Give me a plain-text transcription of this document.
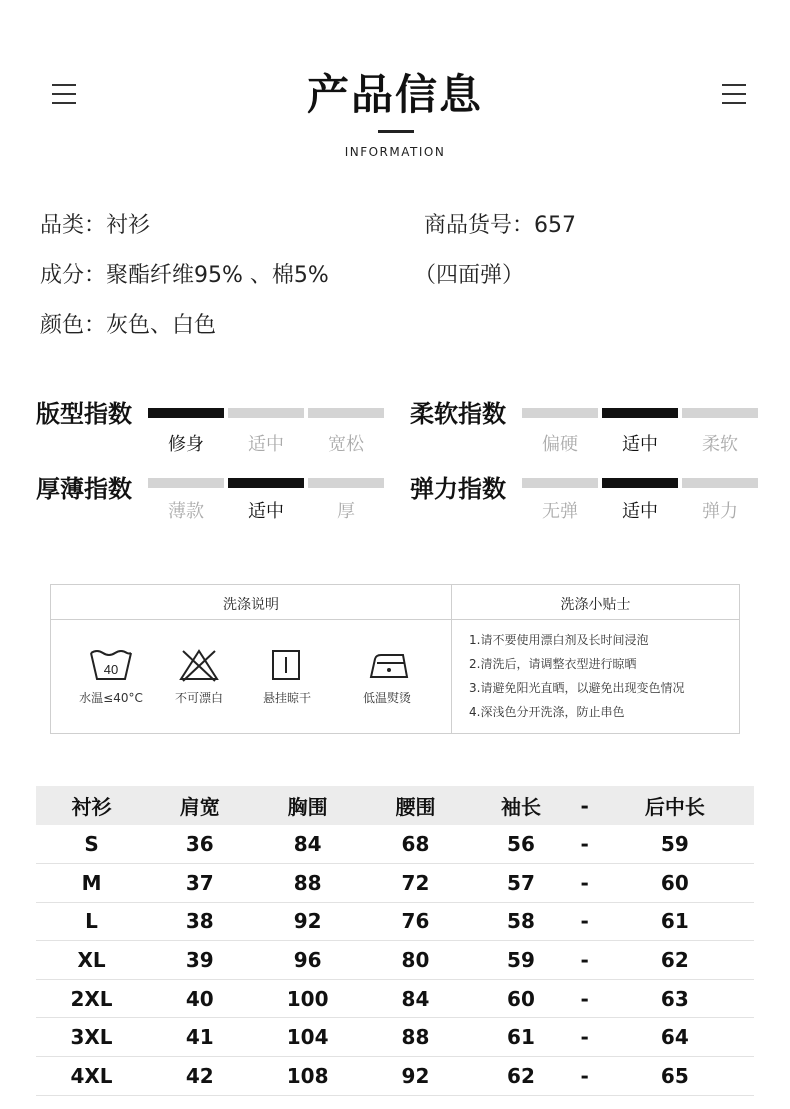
产品信息
INFORMATION
品类：衬衫	商品货号：657
成分：聚酯纤维95% 、棉5%	（四面弹）
颜色：灰色、白色
版型指数
修身	适中	宽松
柔软指数
偏硬	适中	柔软
厚薄指数
薄款	适中	厚
弹力指数
无弹	适中	弹力
洗涤说明	洗涤小贴士
40
水温≤40°C	不可漂白	悬挂晾干	低温熨烫
1.请不要使用漂白剂及长时间浸泡
2.清洗后，请调整衣型进行晾晒
3.请避免阳光直晒，以避免出现变色情况
4.深浅色分开洗涤，防止串色
衬衫	肩宽	胸围	腰围	袖长	-	后中长
S	36	84	68	56	-	59
M	37	88	72	57	-	60
L	38	92	76	58	-	61
XL	39	96	80	59	-	62
2XL	40	100	84	60	-	63
3XL	41	104	88	61	-	64
4XL	42	108	92	62	-	65
